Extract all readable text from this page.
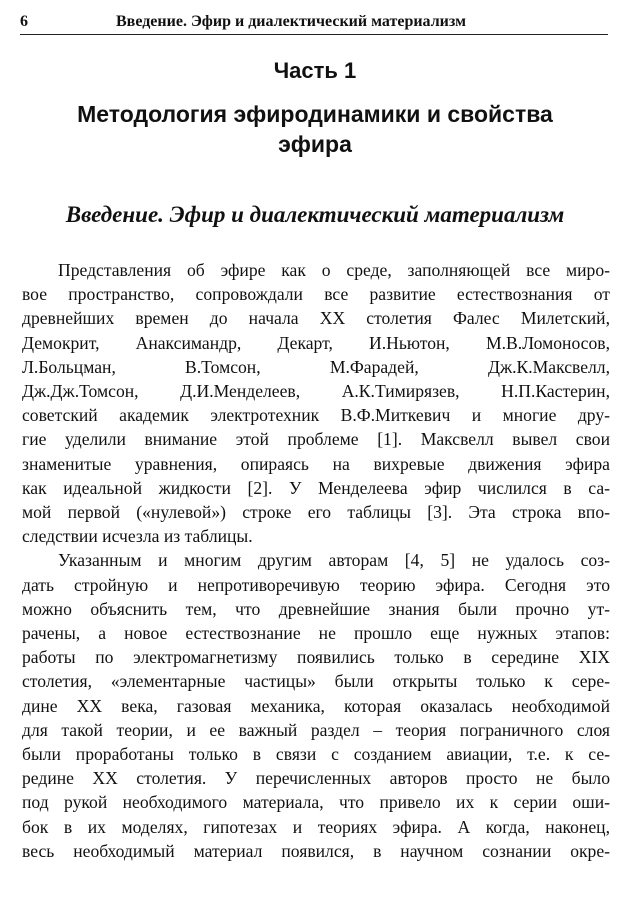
6	Введение. Эфир и диалектический материализм
Часть 1
Методология эфиродинамики и свойства
эфира
Введение. Эфир и диалектический материализм
Представления об эфире как о среде, заполняющей все миро-
вое пространство, сопровождали все развитие естествознания от
древнейших времен до начала XX столетия Фалес Милетский,
Демокрит, Анаксимандр, Декарт, И.Ньютон, М.В.Ломоносов,
Л.Больцман, В.Томсон, М.Фарадей, Дж.К.Максвелл,
Дж.Дж.Томсон, Д.И.Менделеев, А.К.Тимирязев, Н.П.Кастерин,
советский академик электротехник В.Ф.Миткевич и многие дру-
гие уделили внимание этой проблеме [1]. Максвелл вывел свои
знаменитые уравнения, опираясь на вихревые движения эфира
как идеальной жидкости [2]. У Менделеева эфир числился в са-
мой первой («нулевой») строке его таблицы [3]. Эта строка впо-
следствии исчезла из таблицы.
Указанным и многим другим авторам [4, 5] не удалось соз-
дать стройную и непротиворечивую теорию эфира. Сегодня это
можно объяснить тем, что древнейшие знания были прочно ут-
рачены, а новое естествознание не прошло еще нужных этапов:
работы по электромагнетизму появились только в середине XIX
столетия, «элементарные частицы» были открыты только к сере-
дине XX века, газовая механика, которая оказалась необходимой
для такой теории, и ее важный раздел – теория пограничного слоя
были проработаны только в связи с созданием авиации, т.е. к се-
редине XX столетия. У перечисленных авторов просто не было
под рукой необходимого материала, что привело их к серии оши-
бок в их моделях, гипотезах и теориях эфира. А когда, наконец,
весь необходимый материал появился, в научном сознании окре-
